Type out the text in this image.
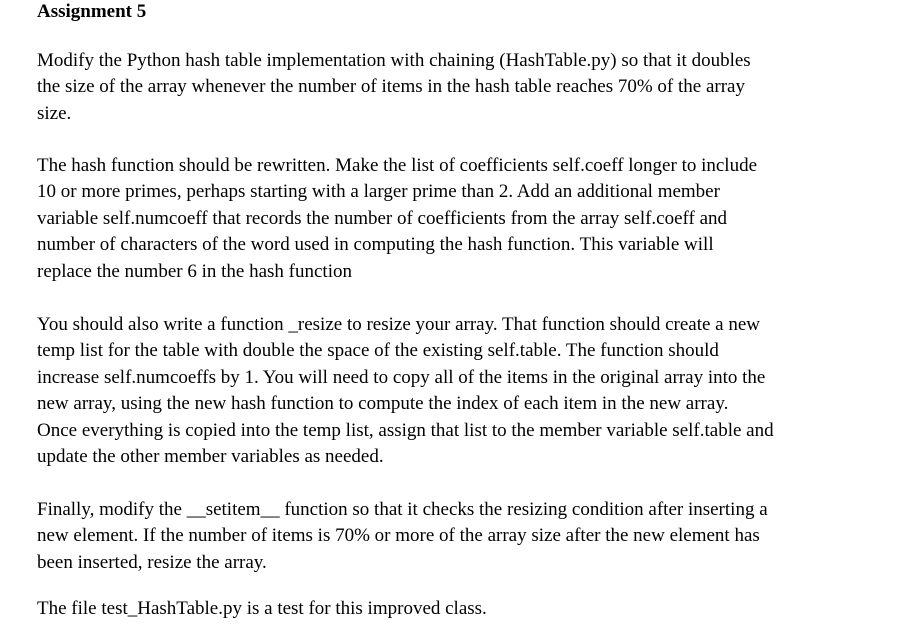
Assignment 5

Modify the Python hash table implementation with chaining (HashTable.py) so that it doubles
the size of the array whenever the number of items in the hash table reaches 70% of the array
size.

The hash function should be rewritten. Make the list of coefficients self.coeff longer to include
10 or more primes, perhaps starting with a larger prime than 2. Add an additional member
variable self.numcoeff that records the number of coefficients from the array self.coeff and
number of characters of the word used in computing the hash function. This variable will
replace the number 6 in the hash function

You should also write a function _resize to resize your array. That function should create a new
temp list for the table with double the space of the existing self.table. The function should
increase self.numcoeffs by 1. You will need to copy all of the items in the original array into the
new array, using the new hash function to compute the index of each item in the new array.
Once everything is copied into the temp list, assign that list to the member variable self.table and
update the other member variables as needed.

Finally, modify the __setitem__ function so that it checks the resizing condition after inserting a
new element. If the number of items is 70% or more of the array size after the new element has
been inserted, resize the array.

The file test_HashTable.py is a test for this improved class.
